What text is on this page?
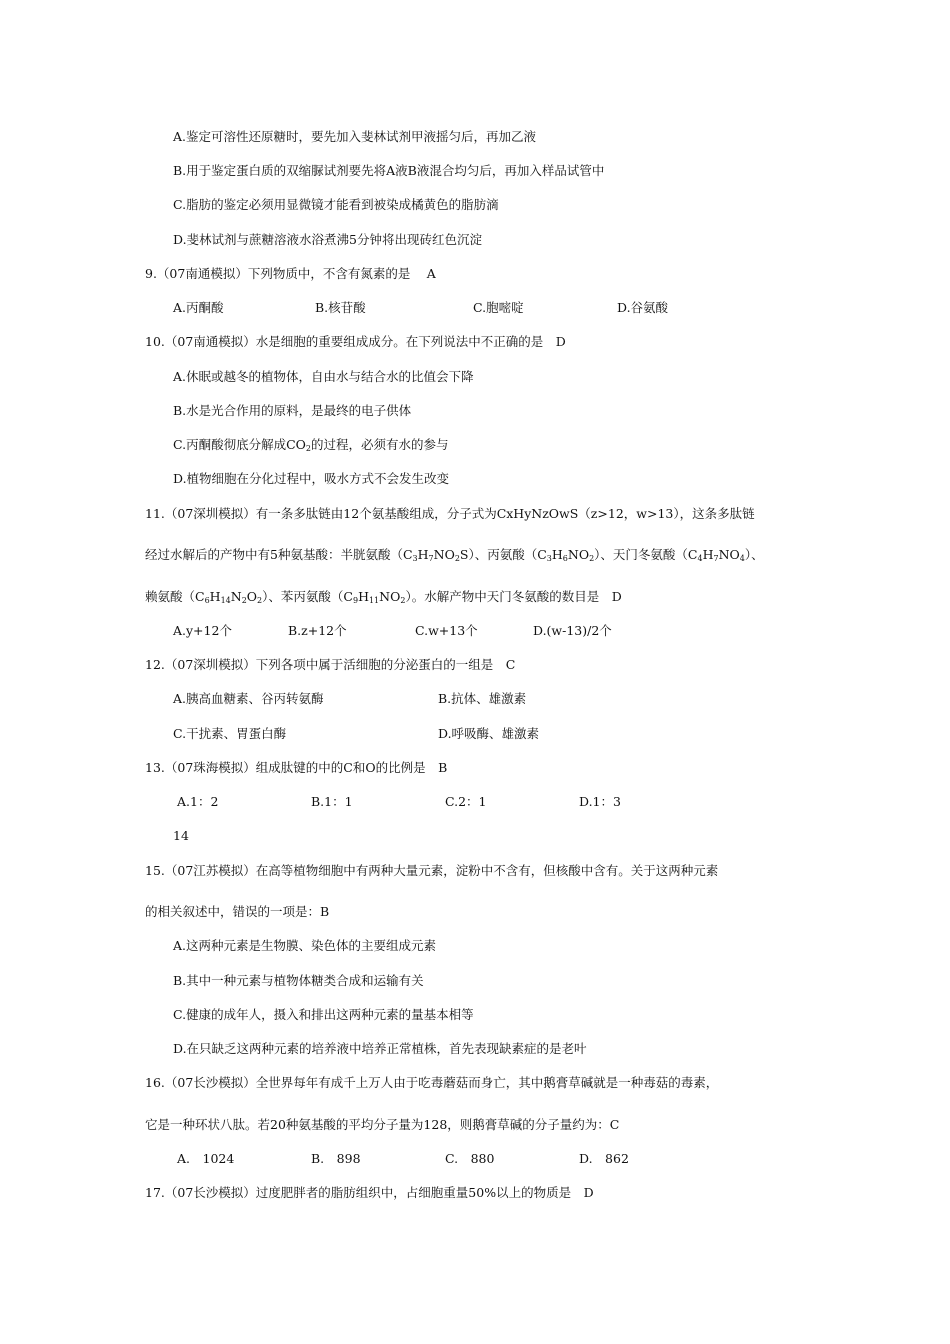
A.鉴定可溶性还原糖时，要先加入斐林试剂甲液摇匀后，再加乙液
B.用于鉴定蛋白质的双缩脲试剂要先将A液B液混合均匀后，再加入样品试管中
C.脂肪的鉴定必须用显微镜才能看到被染成橘黄色的脂肪滴
D.斐林试剂与蔗糖溶液水浴煮沸5分钟将出现砖红色沉淀
9.（07南通模拟）下列物质中，不含有氮素的是　 A
A.丙酮酸	B.核苷酸	C.胞嘧啶	D.谷氨酸
10.（07南通模拟）水是细胞的重要组成成分。在下列说法中不正确的是　D
A.休眠或越冬的植物体，自由水与结合水的比值会下降
B.水是光合作用的原料，是最终的电子供体
C.丙酮酸彻底分解成$CO_2$的过程，必须有水的参与
D.植物细胞在分化过程中，吸水方式不会发生改变
11.（07深圳模拟）有一条多肽链由12个氨基酸组成，分子式为CxHyNzOwS（z>12，w>13），这条多肽链
经过水解后的产物中有5种氨基酸：半胱氨酸$(C_3H_7NO_2S)$、丙氨酸$(C_3H_6NO_2)$、天门冬氨酸$(C_4H_7NO_4)$、
赖氨酸$(C_6H_{14}N_2O_2)$、苯丙氨酸$(C_9H_{11}NO_2)$。水解产物中天门冬氨酸的数目是　D
A.y+12个	B.z+12个	C.w+13个	D.(w-13)/2个
12.（07深圳模拟）下列各项中属于活细胞的分泌蛋白的一组是　C
A.胰高血糖素、谷丙转氨酶	B.抗体、雄激素
C.干扰素、胃蛋白酶	D.呼吸酶、雄激素
13.（07珠海模拟）组成肽键的中的C和O的比例是　B
A.1：2	B.1：1	C.2：1	D.1：3
14
15.（07江苏模拟）在高等植物细胞中有两种大量元素，淀粉中不含有，但核酸中含有。关于这两种元素
的相关叙述中，错误的一项是：B
A.这两种元素是生物膜、染色体的主要组成元素
B.其中一种元素与植物体糖类合成和运输有关
C.健康的成年人，摄入和排出这两种元素的量基本相等
D.在只缺乏这两种元素的培养液中培养正常植株，首先表现缺素症的是老叶
16.（07长沙模拟）全世界每年有成千上万人由于吃毒蘑菇而身亡，其中鹅膏草碱就是一种毒菇的毒素，
它是一种环状八肽。若20种氨基酸的平均分子量为128，则鹅膏草碱的分子量约为：C
A.　1024	B.　898	C.　880	D.　862
17.（07长沙模拟）过度肥胖者的脂肪组织中，占细胞重量50%以上的物质是　D
